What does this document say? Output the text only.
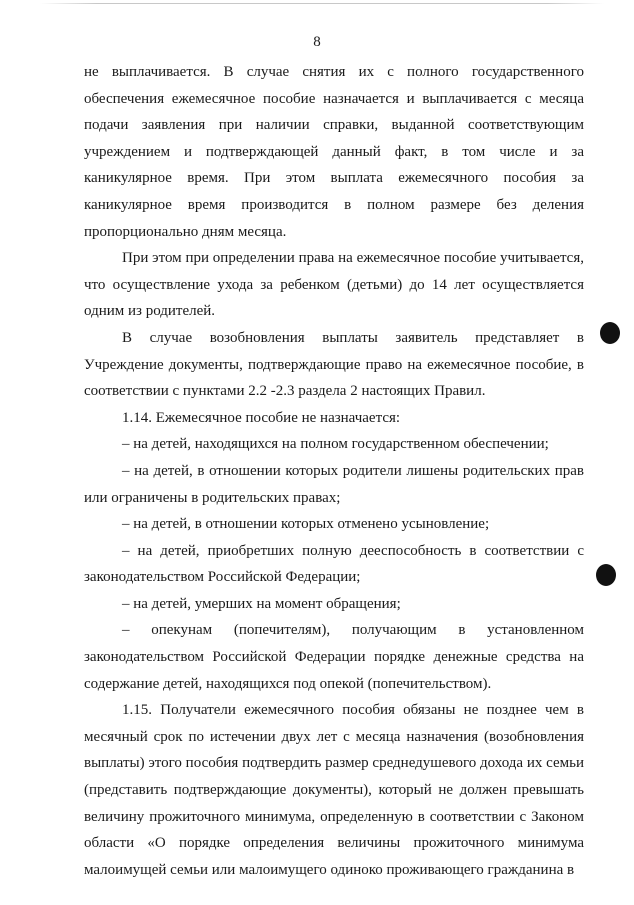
8

не выплачивается. В случае снятия их с полного государственного обеспечения ежемесячное пособие назначается и выплачивается с месяца подачи заявления при наличии справки, выданной соответствующим учреждением и подтверждающей данный факт, в том числе и за каникулярное время. При этом выплата ежемесячного пособия за каникулярное время производится в полном размере без деления пропорционально дням месяца.

При этом при определении права на ежемесячное пособие учитывается, что осуществление ухода за ребенком (детьми) до 14 лет осуществляется одним из родителей.

В случае возобновления выплаты заявитель представляет в Учреждение документы, подтверждающие право на ежемесячное пособие, в соответствии с пунктами 2.2 -2.3 раздела 2 настоящих Правил.

1.14. Ежемесячное пособие не назначается:

– на детей, находящихся на полном государственном обеспечении;

– на детей, в отношении которых родители лишены родительских прав или ограничены в родительских правах;

– на детей, в отношении которых отменено усыновление;

– на детей, приобретших полную дееспособность в соответствии с законодательством Российской Федерации;

– на детей, умерших на момент обращения;

– опекунам (попечителям), получающим в установленном законодательством Российской Федерации порядке денежные средства на содержание детей, находящихся под опекой (попечительством).

1.15. Получатели ежемесячного пособия обязаны не позднее чем в месячный срок по истечении двух лет с месяца назначения (возобновления выплаты) этого пособия подтвердить размер среднедушевого дохода их семьи (представить подтверждающие документы), который не должен превышать величину прожиточного минимума, определенную в соответствии с Законом области «О порядке определения величины прожиточного минимума малоимущей семьи или малоимущего одиноко проживающего гражданина в
